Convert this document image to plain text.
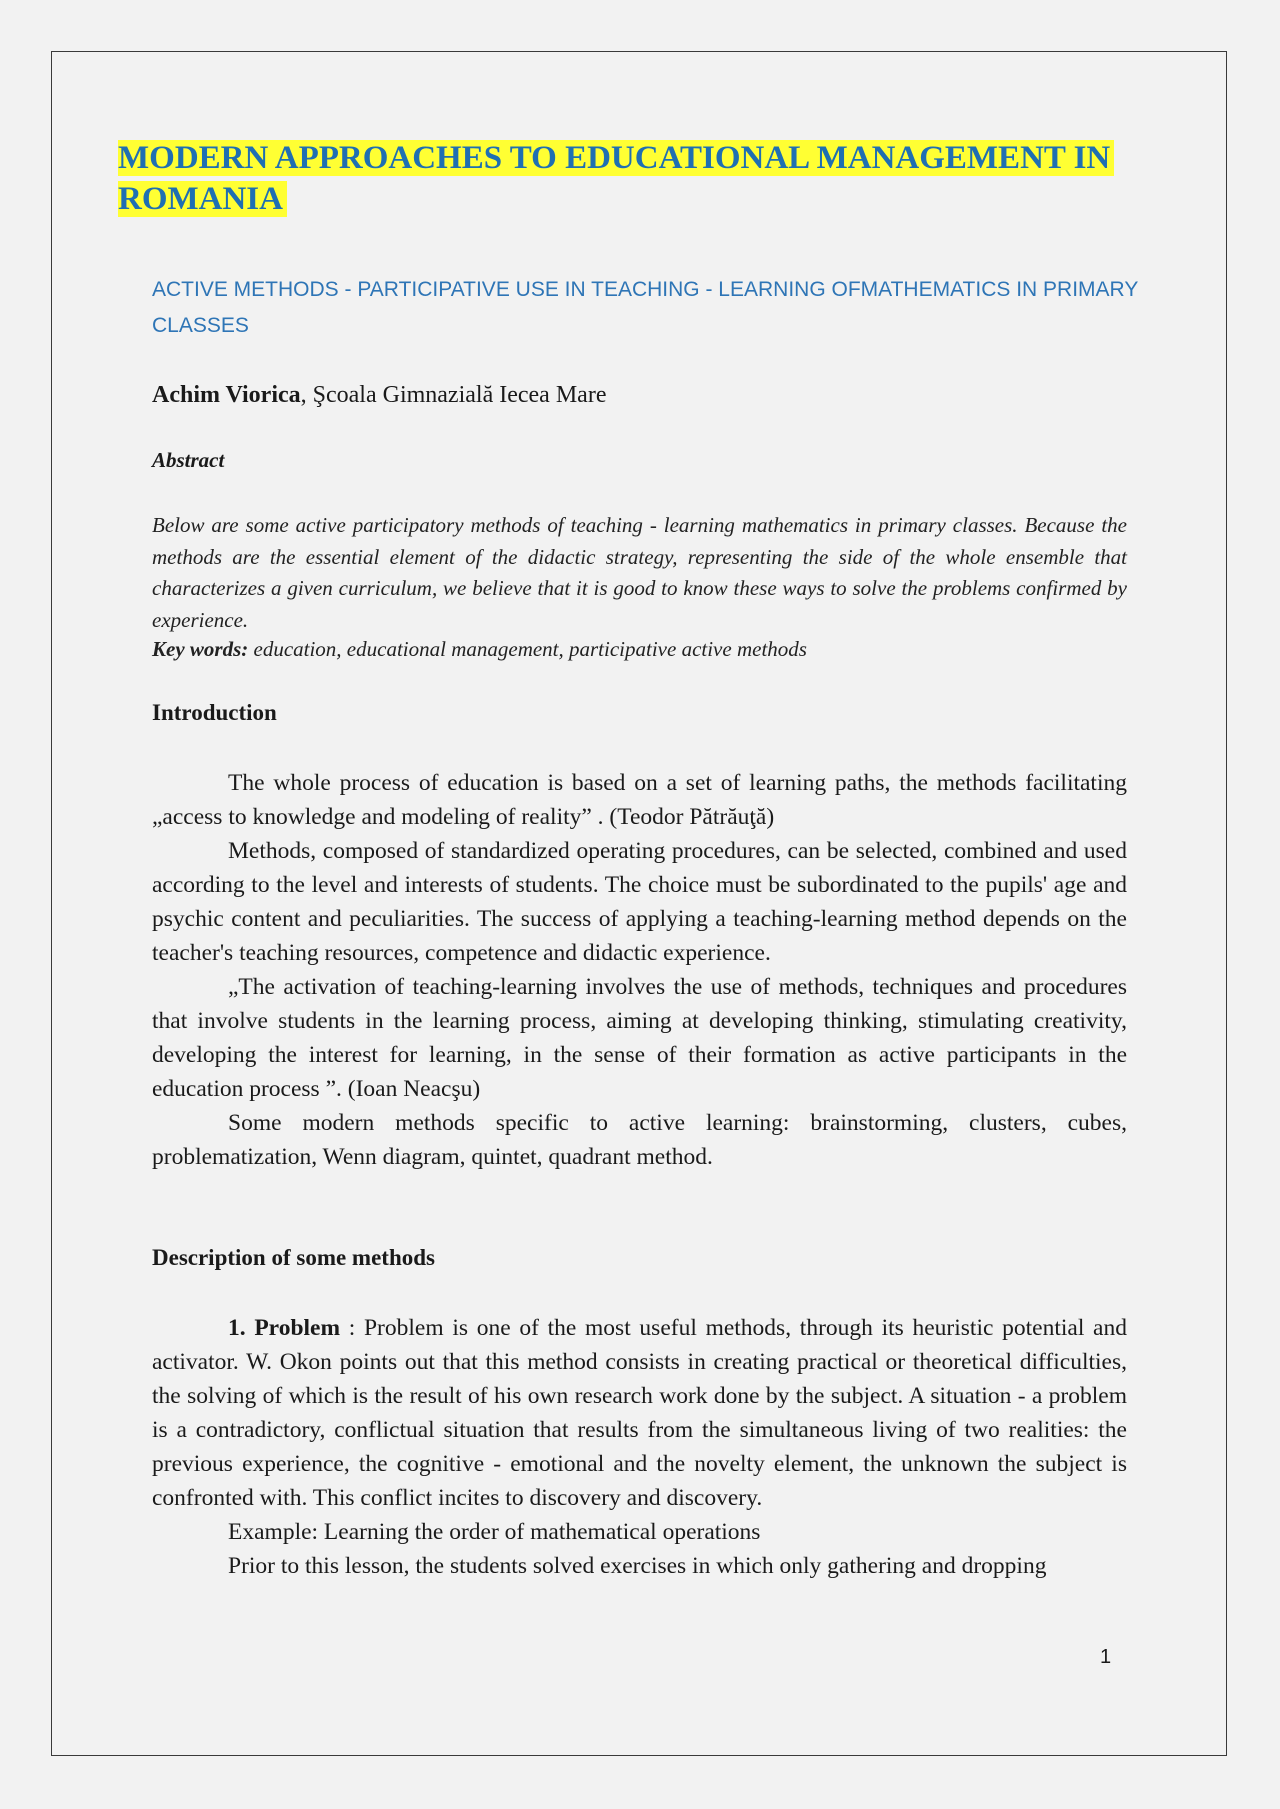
MODERN APPROACHES TO EDUCATIONAL MANAGEMENT IN ROMANIA
ACTIVE METHODS - PARTICIPATIVE USE IN TEACHING - LEARNING OFMATHEMATICS IN PRIMARY CLASSES
Achim Viorica, Şcoala Gimnazială Iecea Mare
Abstract

Below are some active participatory methods of teaching - learning mathematics in primary classes. Because the methods are the essential element of the didactic strategy, representing the side of the whole ensemble that characterizes a given curriculum, we believe that it is good to know these ways to solve the problems confirmed by experience.

Key words: education, educational management, participative active methods

Introduction

The whole process of education is based on a set of learning paths, the methods facilitating „access to knowledge and modeling of reality” . (Teodor Pătrăuţă)

Methods, composed of standardized operating procedures, can be selected, combined and used according to the level and interests of students. The choice must be subordinated to the pupils' age and psychic content and peculiarities. The success of applying a teaching-learning method depends on the teacher's teaching resources, competence and didactic experience.

„The activation of teaching-learning involves the use of methods, techniques and procedures that involve students in the learning process, aiming at developing thinking, stimulating creativity, developing the interest for learning, in the sense of their formation as active participants in the education process ”. (Ioan Neacşu)

Some modern methods specific to active learning: brainstorming, clusters, cubes, problematization, Wenn diagram, quintet, quadrant method.

Description of some methods

1. Problem : Problem is one of the most useful methods, through its heuristic potential and activator. W. Okon points out that this method consists in creating practical or theoretical difficulties, the solving of which is the result of his own research work done by the subject. A situation - a problem is a contradictory, conflictual situation that results from the simultaneous living of two realities: the previous experience, the cognitive - emotional and the novelty element, the unknown the subject is confronted with. This conflict incites to discovery and discovery.

Example: Learning the order of mathematical operations

Prior to this lesson, the students solved exercises in which only gathering and dropping

1
